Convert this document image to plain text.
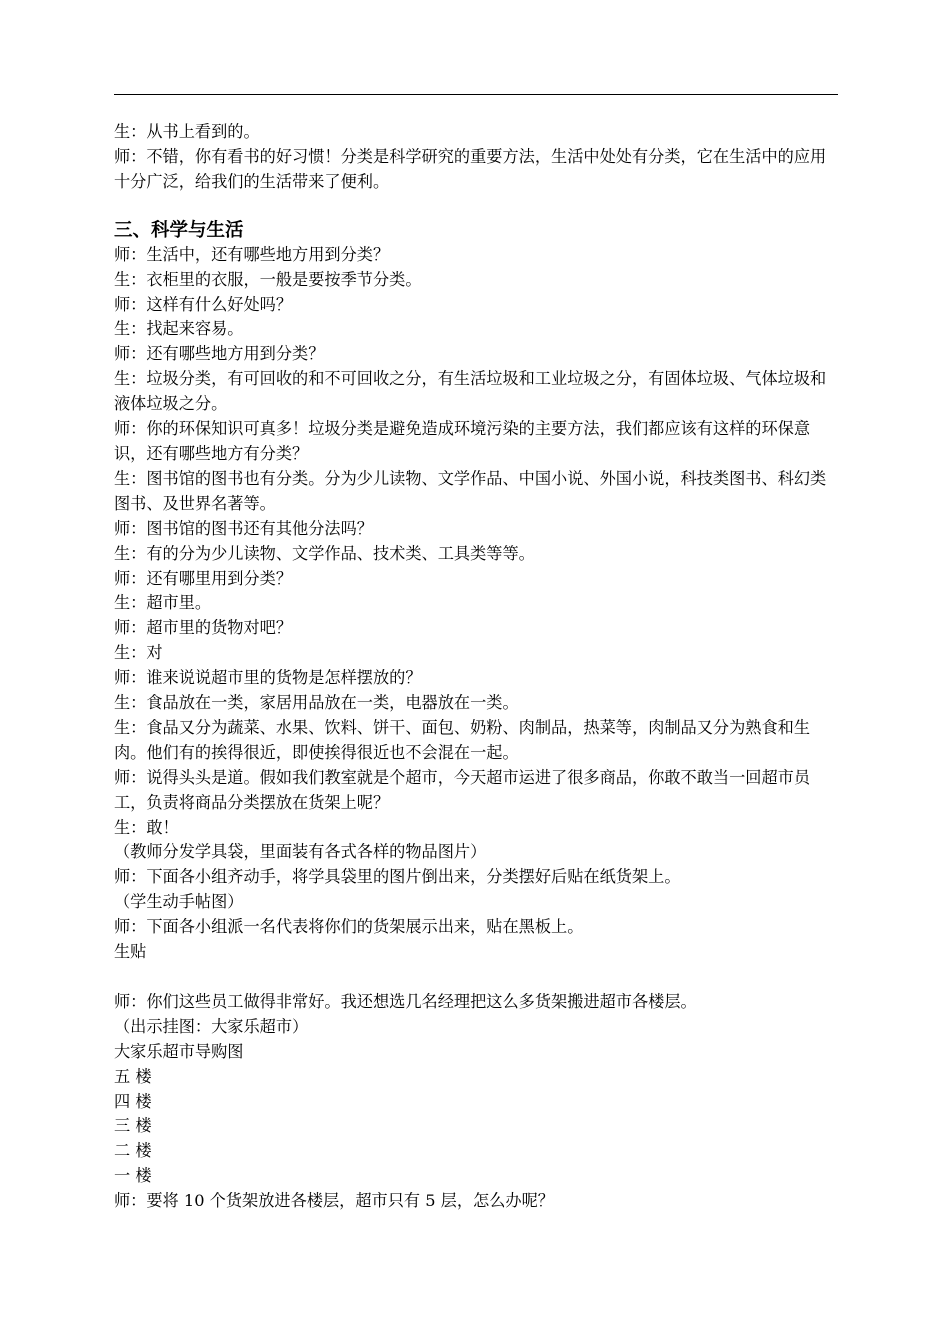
生：从书上看到的。

师：不错，你有看书的好习惯！分类是科学研究的重要方法，生活中处处有分类，它在生活中的应用十分广泛，给我们的生活带来了便利。

三、科学与生活

师：生活中，还有哪些地方用到分类？

生：衣柜里的衣服，一般是要按季节分类。

师：这样有什么好处吗？

生：找起来容易。

师：还有哪些地方用到分类？

生：垃圾分类，有可回收的和不可回收之分，有生活垃圾和工业垃圾之分，有固体垃圾、气体垃圾和液体垃圾之分。

师：你的环保知识可真多！垃圾分类是避免造成环境污染的主要方法，我们都应该有这样的环保意识，还有哪些地方有分类？

生：图书馆的图书也有分类。分为少儿读物、文学作品、中国小说、外国小说，科技类图书、科幻类图书、及世界名著等。

师：图书馆的图书还有其他分法吗？

生：有的分为少儿读物、文学作品、技术类、工具类等等。

师：还有哪里用到分类？

生：超市里。

师：超市里的货物对吧？

生：对

师：谁来说说超市里的货物是怎样摆放的？

生：食品放在一类，家居用品放在一类，电器放在一类。

生：食品又分为蔬菜、水果、饮料、饼干、面包、奶粉、肉制品，热菜等，肉制品又分为熟食和生肉。他们有的挨得很近，即使挨得很近也不会混在一起。

师：说得头头是道。假如我们教室就是个超市，今天超市运进了很多商品，你敢不敢当一回超市员工，负责将商品分类摆放在货架上呢？

生：敢！

（教师分发学具袋，里面装有各式各样的物品图片）

师：下面各小组齐动手，将学具袋里的图片倒出来，分类摆好后贴在纸货架上。

（学生动手帖图）

师：下面各小组派一名代表将你们的货架展示出来，贴在黑板上。

生贴

师：你们这些员工做得非常好。我还想选几名经理把这么多货架搬进超市各楼层。

（出示挂图：大家乐超市）

大家乐超市导购图

五 楼

四 楼

三 楼

二 楼

一 楼

师：要将 10 个货架放进各楼层，超市只有 5 层，怎么办呢？
